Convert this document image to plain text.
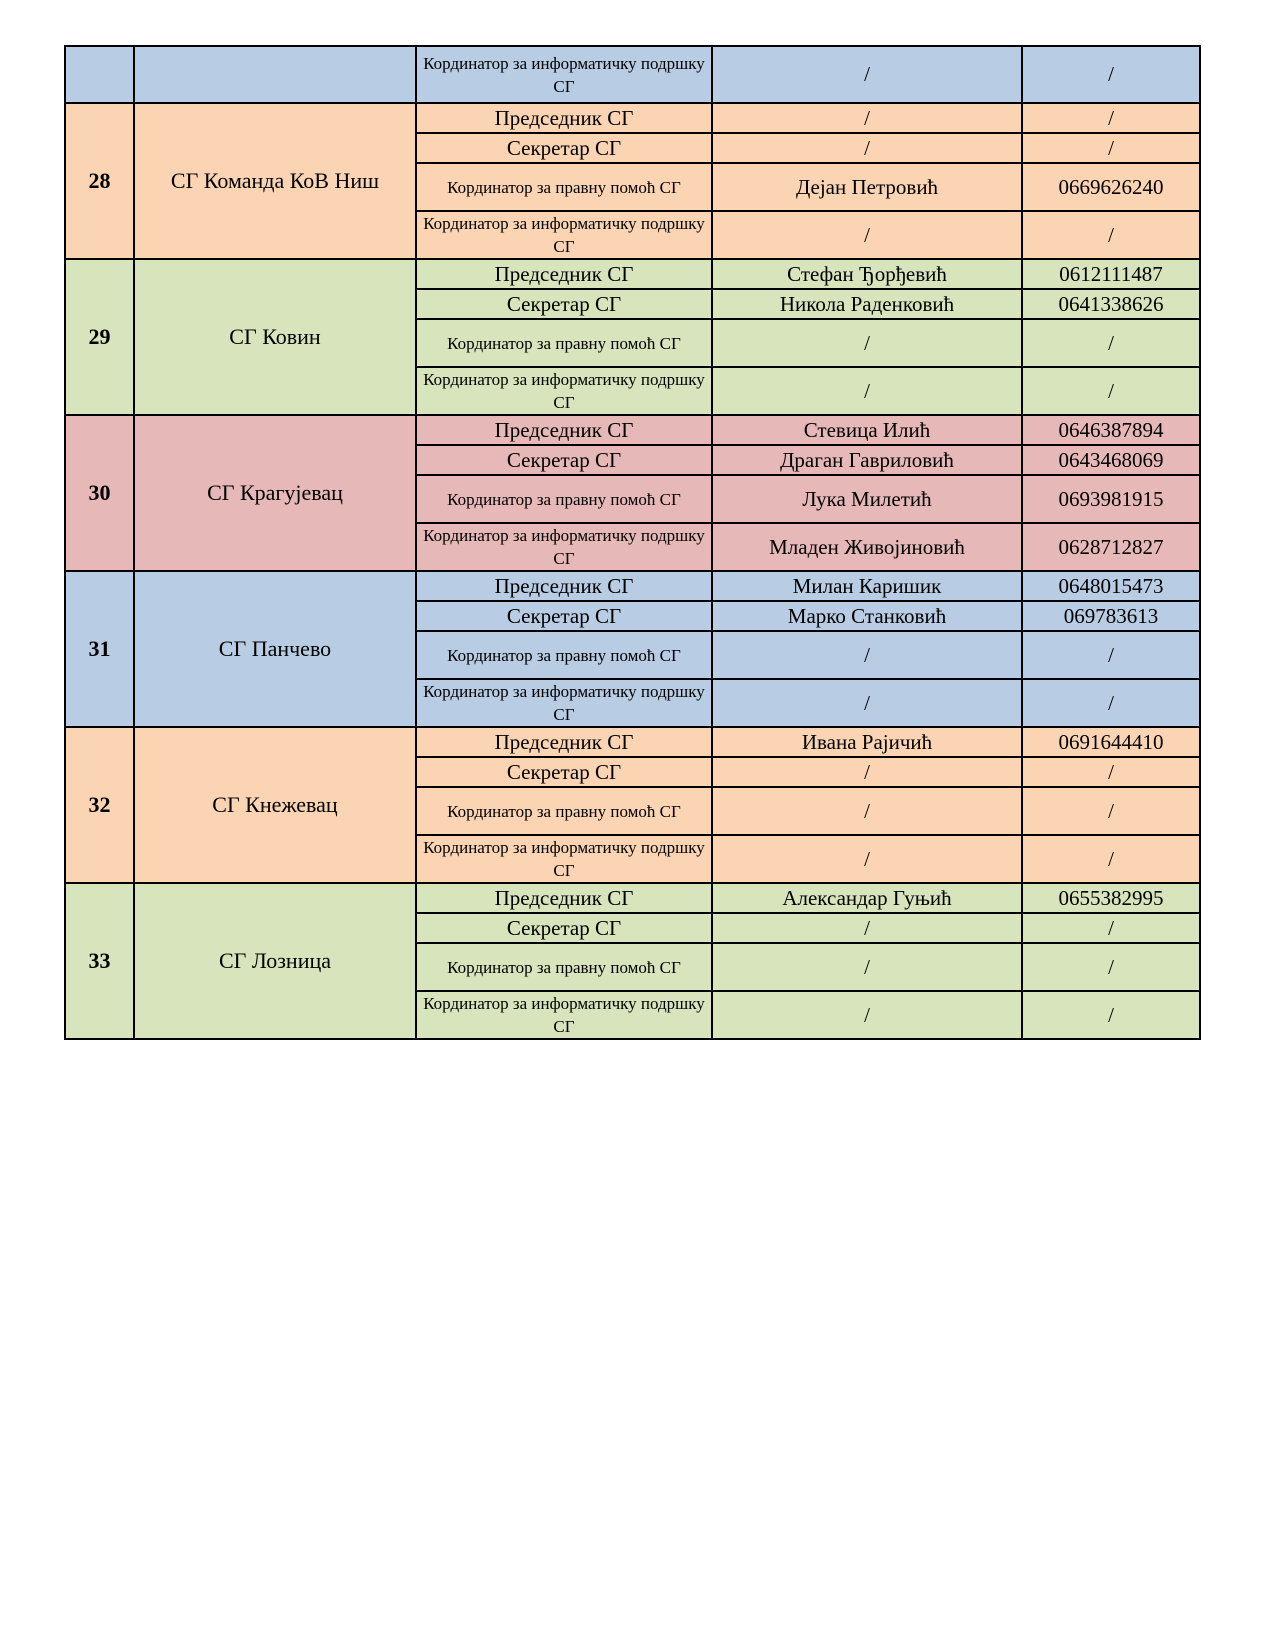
		Кординатор за информатичку подршку СГ	/	/
28	СГ Команда КоВ Ниш	Председник СГ	/	/
		Секретар СГ	/	/
		Кординатор за правну помоћ СГ	Дејан Петровић	0669626240
		Кординатор за информатичку подршку СГ	/	/
29	СГ Ковин	Председник СГ	Стефан Ђорђевић	0612111487
		Секретар СГ	Никола Раденковић	0641338626
		Кординатор за правну помоћ СГ	/	/
		Кординатор за информатичку подршку СГ	/	/
30	СГ Крагујевац	Председник СГ	Стевица Илић	0646387894
		Секретар СГ	Драган Гавриловић	0643468069
		Кординатор за правну помоћ СГ	Лука Милетић	0693981915
		Кординатор за информатичку подршку СГ	Младен Живојиновић	0628712827
31	СГ Панчево	Председник СГ	Милан Каришик	0648015473
		Секретар СГ	Марко Станковић	069783613
		Кординатор за правну помоћ СГ	/	/
		Кординатор за информатичку подршку СГ	/	/
32	СГ Кнежевац	Председник СГ	Ивана Рајичић	0691644410
		Секретар СГ	/	/
		Кординатор за правну помоћ СГ	/	/
		Кординатор за информатичку подршку СГ	/	/
33	СГ Лозница	Председник СГ	Александар Гуњић	0655382995
		Секретар СГ	/	/
		Кординатор за правну помоћ СГ	/	/
		Кординатор за информатичку подршку СГ	/	/
